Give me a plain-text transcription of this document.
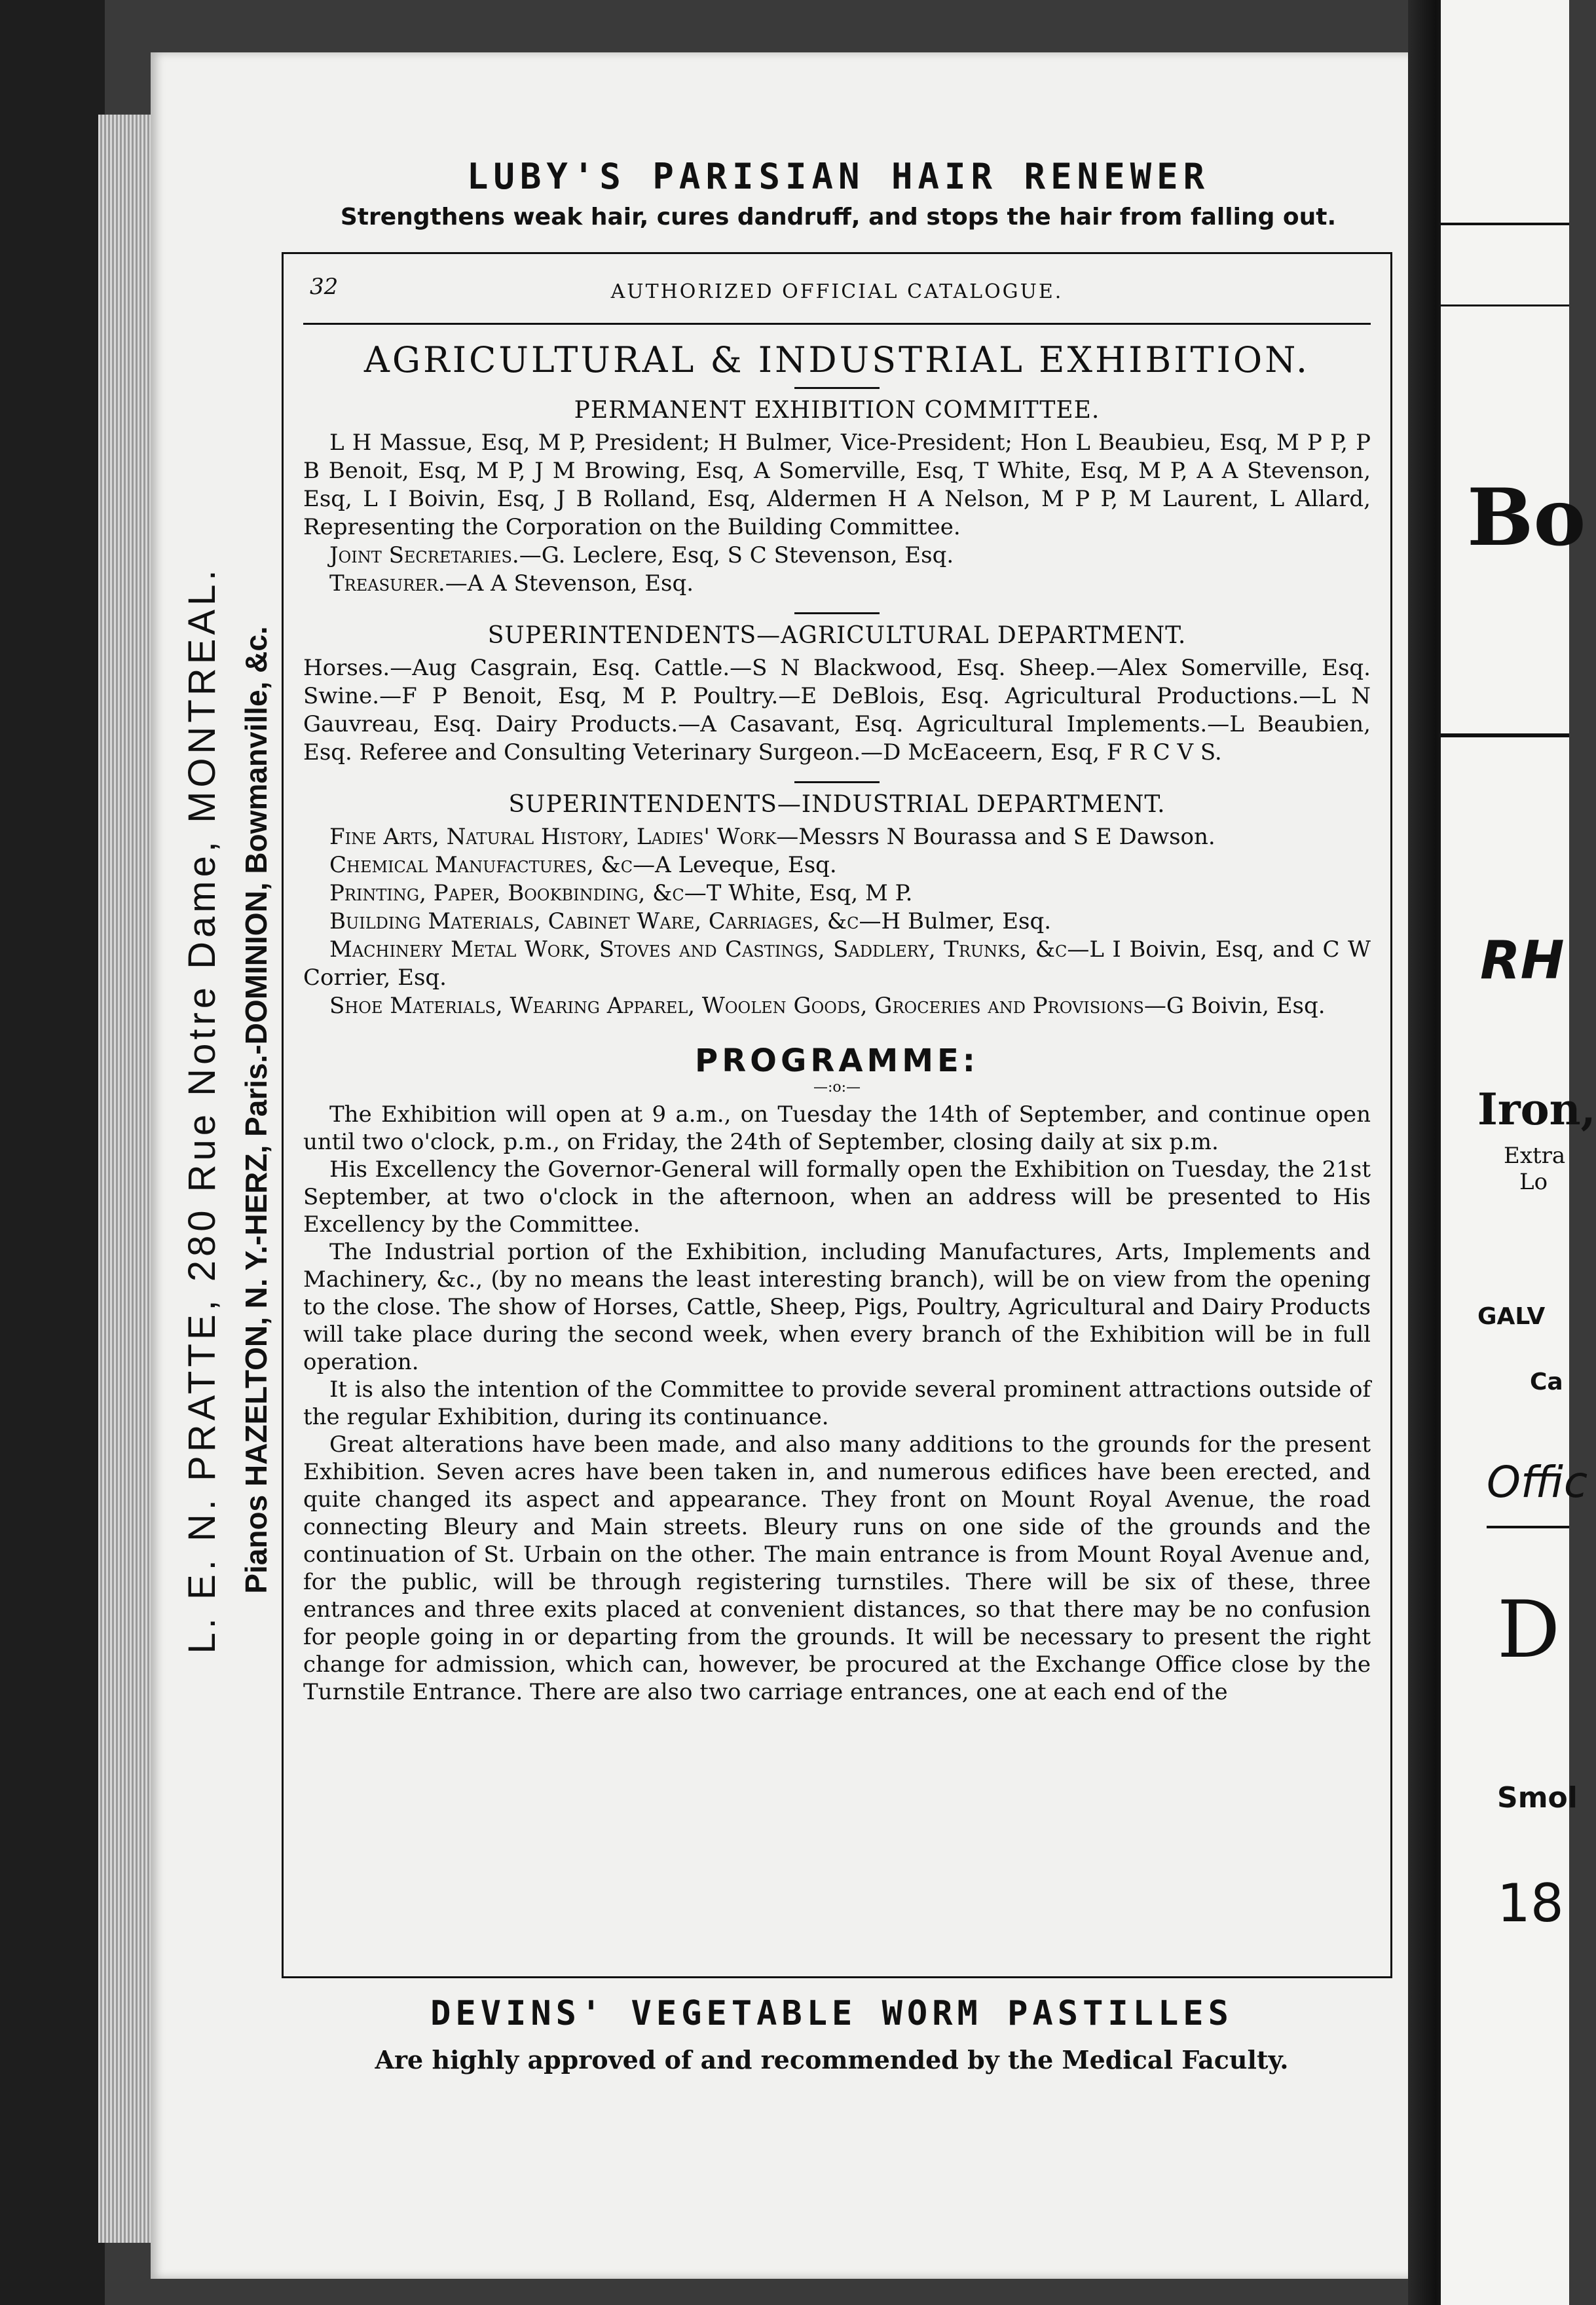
L. E. N. PRATTE, 280 Rue Notre Dame, MONTREAL. Pianos HAZELTON, N. Y.-HERZ, Paris.-DOMINION, Bowmanville, &c.
LUBY'S PARISIAN HAIR RENEWER
Strengthens weak hair, cures dandruff, and stops the hair from falling out.
32	AUTHORIZED OFFICIAL CATALOGUE.
AGRICULTURAL & INDUSTRIAL EXHIBITION.
PERMANENT EXHIBITION COMMITTEE.

L H Massue, Esq, M P, President; H Bulmer, Vice-President; Hon L Beaubieu, Esq, M P P, P B Benoit, Esq, M P, J M Browing, Esq, A Somerville, Esq, T White, Esq, M P, A A Stevenson, Esq, L I Boivin, Esq, J B Rolland, Esq, Aldermen H A Nelson, M P P, M Laurent, L Allard, Representing the Corporation on the Building Committee.

Joint Secretaries.—G. Leclere, Esq, S C Stevenson, Esq.

Treasurer.—A A Stevenson, Esq.

SUPERINTENDENTS—AGRICULTURAL DEPARTMENT.

Horses.—Aug Casgrain, Esq. Cattle.—S N Blackwood, Esq. Sheep.—Alex Somerville, Esq. Swine.—F P Benoit, Esq, M P. Poultry.—E DeBlois, Esq. Agricultural Productions.—L N Gauvreau, Esq. Dairy Products.—A Casavant, Esq. Agricultural Implements.—L Beaubien, Esq. Referee and Consulting Veterinary Surgeon.—D McEaceern, Esq, F R C V S.

SUPERINTENDENTS—INDUSTRIAL DEPARTMENT.

Fine Arts, Natural History, Ladies' Work—Messrs N Bourassa and S E Dawson.

Chemical Manufactures, &c—A Leveque, Esq.

Printing, Paper, Bookbinding, &c—T White, Esq, M P.

Building Materials, Cabinet Ware, Carriages, &c—H Bulmer, Esq.

Machinery Metal Work, Stoves and Castings, Saddlery, Trunks, &c—L I Boivin, Esq, and C W Corrier, Esq.

Shoe Materials, Wearing Apparel, Woolen Goods, Groceries and Provisions—G Boivin, Esq.

PROGRAMME:
—:o:—

The Exhibition will open at 9 a.m., on Tuesday the 14th of September, and continue open until two o'clock, p.m., on Friday, the 24th of September, closing daily at six p.m.

His Excellency the Governor-General will formally open the Exhibition on Tuesday, the 21st September, at two o'clock in the afternoon, when an address will be presented to His Excellency by the Committee.

The Industrial portion of the Exhibition, including Manufactures, Arts, Implements and Machinery, &c., (by no means the least interesting branch), will be on view from the opening to the close. The show of Horses, Cattle, Sheep, Pigs, Poultry, Agricultural and Dairy Products will take place during the second week, when every branch of the Exhibition will be in full operation.

It is also the intention of the Committee to provide several prominent attractions outside of the regular Exhibition, during its continuance.

Great alterations have been made, and also many additions to the grounds for the present Exhibition. Seven acres have been taken in, and numerous edifices have been erected, and quite changed its aspect and appearance. They front on Mount Royal Avenue, the road connecting Bleury and Main streets. Bleury runs on one side of the grounds and the continuation of St. Urbain on the other. The main entrance is from Mount Royal Avenue and, for the public, will be through registering turnstiles. There will be six of these, three entrances and three exits placed at convenient distances, so that there may be no confusion for people going in or departing from the grounds. It will be necessary to present the right change for admission, which can, however, be procured at the Exchange Office close by the Turnstile Entrance. There are also two carriage entrances, one at each end of the

DEVINS' VEGETABLE WORM PASTILLES
Are highly approved of and recommended by the Medical Faculty.
Bo
RH
Iron,
Extra
Lo
GALV
Ca
Offic
D
Smol
18
